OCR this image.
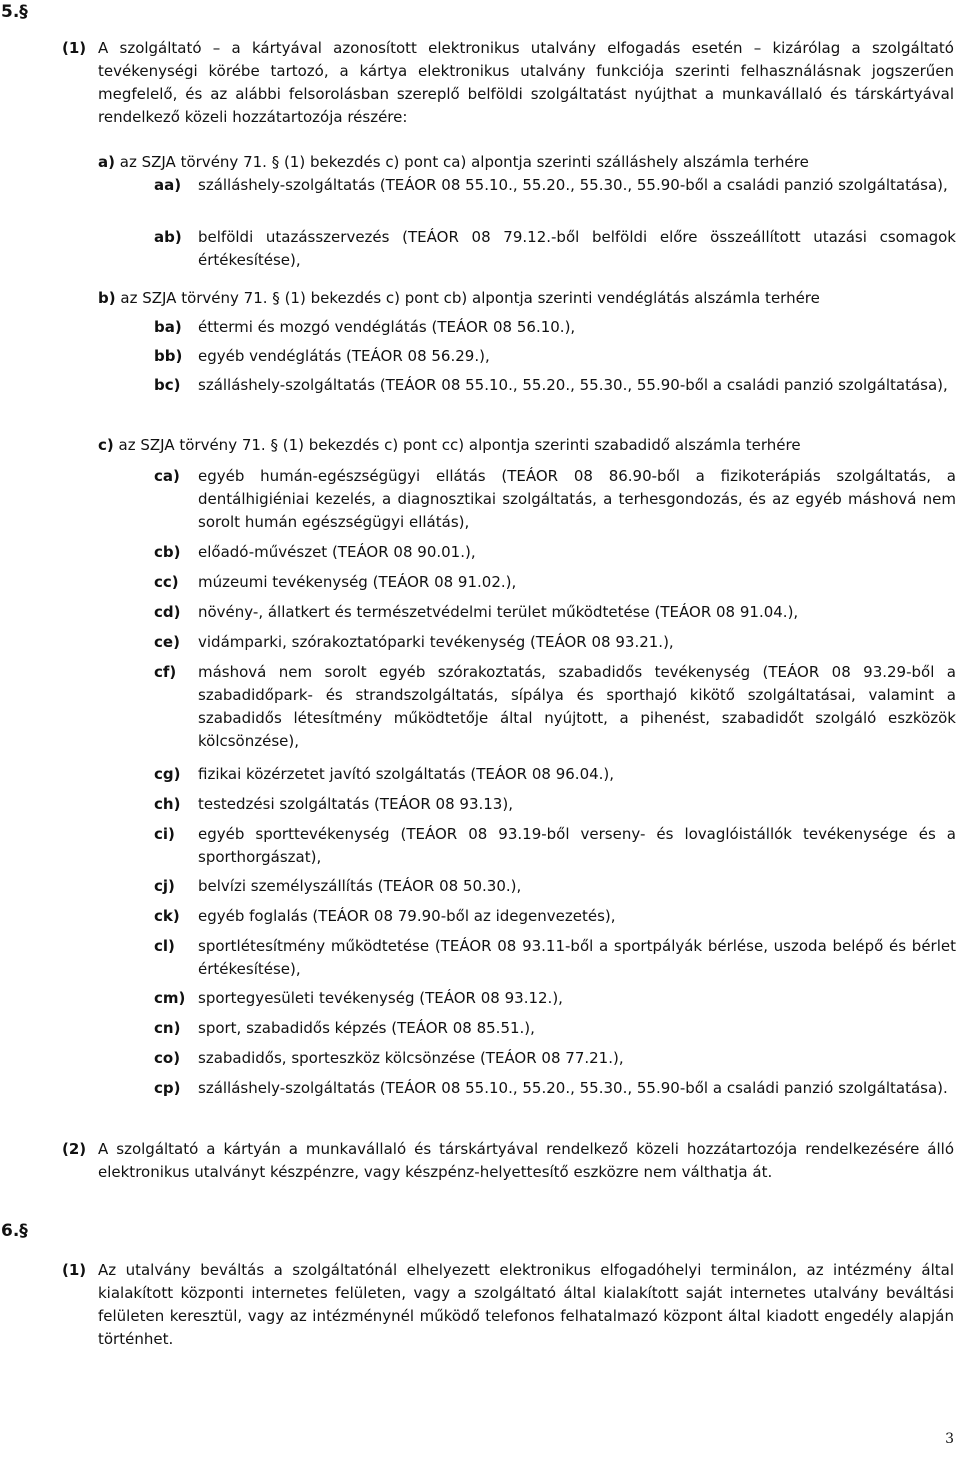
5.§
(1) A szolgáltató – a kártyával azonosított elektronikus utalvány elfogadás esetén – kizárólag a szolgáltató tevékenységi körébe tartozó, a kártya elektronikus utalvány funkciója szerinti felhasználásnak jogszerűen megfelelő, és az alábbi felsorolásban szereplő belföldi szolgáltatást nyújthat a munkavállaló és társkártyával rendelkező közeli hozzátartozója részére:
a) az SZJA törvény 71. § (1) bekezdés c) pont ca) alpontja szerinti szálláshely alszámla terhére
aa) szálláshely-szolgáltatás (TEÁOR 08 55.10., 55.20., 55.30., 55.90-ből a családi panzió szolgáltatása),
ab) belföldi utazásszervezés (TEÁOR 08 79.12.-ből belföldi előre összeállított utazási csomagok értékesítése),
b) az SZJA törvény 71. § (1) bekezdés c) pont cb) alpontja szerinti vendéglátás alszámla terhére
ba) éttermi és mozgó vendéglátás (TEÁOR 08 56.10.),
bb) egyéb vendéglátás (TEÁOR 08 56.29.),
bc) szálláshely-szolgáltatás (TEÁOR 08 55.10., 55.20., 55.30., 55.90-ből a családi panzió szolgáltatása),
c) az SZJA törvény 71. § (1) bekezdés c) pont cc) alpontja szerinti szabadidő alszámla terhére
ca) egyéb humán-egészségügyi ellátás (TEÁOR 08 86.90-ből a fizikoterápiás szolgáltatás, a dentálhigiéniai kezelés, a diagnosztikai szolgáltatás, a terhesgondozás, és az egyéb máshová nem sorolt humán egészségügyi ellátás),
cb) előadó-művészet (TEÁOR 08 90.01.),
cc) múzeumi tevékenység (TEÁOR 08 91.02.),
cd) növény-, állatkert és természetvédelmi terület működtetése (TEÁOR 08 91.04.),
ce) vidámparki, szórakoztatóparki tevékenység (TEÁOR 08 93.21.),
cf) máshová nem sorolt egyéb szórakoztatás, szabadidős tevékenység (TEÁOR 08 93.29-ből a szabadidőpark- és strandszolgáltatás, sípálya és sporthajó kikötő szolgáltatásai, valamint a szabadidős létesítmény működtetője által nyújtott, a pihenést, szabadidőt szolgáló eszközök kölcsönzése),
cg) fizikai közérzetet javító szolgáltatás (TEÁOR 08 96.04.),
ch) testedzési szolgáltatás (TEÁOR 08 93.13),
ci) egyéb sporttevékenység (TEÁOR 08 93.19-ből verseny- és lovaglóistállók tevékenysége és a sporthorgászat),
cj) belvízi személyszállítás (TEÁOR 08 50.30.),
ck) egyéb foglalás (TEÁOR 08 79.90-ből az idegenvezetés),
cl) sportlétesítmény működtetése (TEÁOR 08 93.11-ből a sportpályák bérlése, uszoda belépő és bérlet értékesítése),
cm) sportegyesületi tevékenység (TEÁOR 08 93.12.),
cn) sport, szabadidős képzés (TEÁOR 08 85.51.),
co) szabadidős, sporteszköz kölcsönzése (TEÁOR 08 77.21.),
cp) szálláshely-szolgáltatás (TEÁOR 08 55.10., 55.20., 55.30., 55.90-ből a családi panzió szolgáltatása).
(2) A szolgáltató a kártyán a munkavállaló és társkártyával rendelkező közeli hozzátartozója rendelkezésére álló elektronikus utalványt készpénzre, vagy készpénz-helyettesítő eszközre nem válthatja át.
6.§
(1) Az utalvány beváltás a szolgáltatónál elhelyezett elektronikus elfogadóhelyi terminálon, az intézmény által kialakított központi internetes felületen, vagy a szolgáltató által kialakított saját internetes utalvány beváltási felületen keresztül, vagy az intézménynél működő telefonos felhatalmazó központ által kiadott engedély alapján történhet.
3
